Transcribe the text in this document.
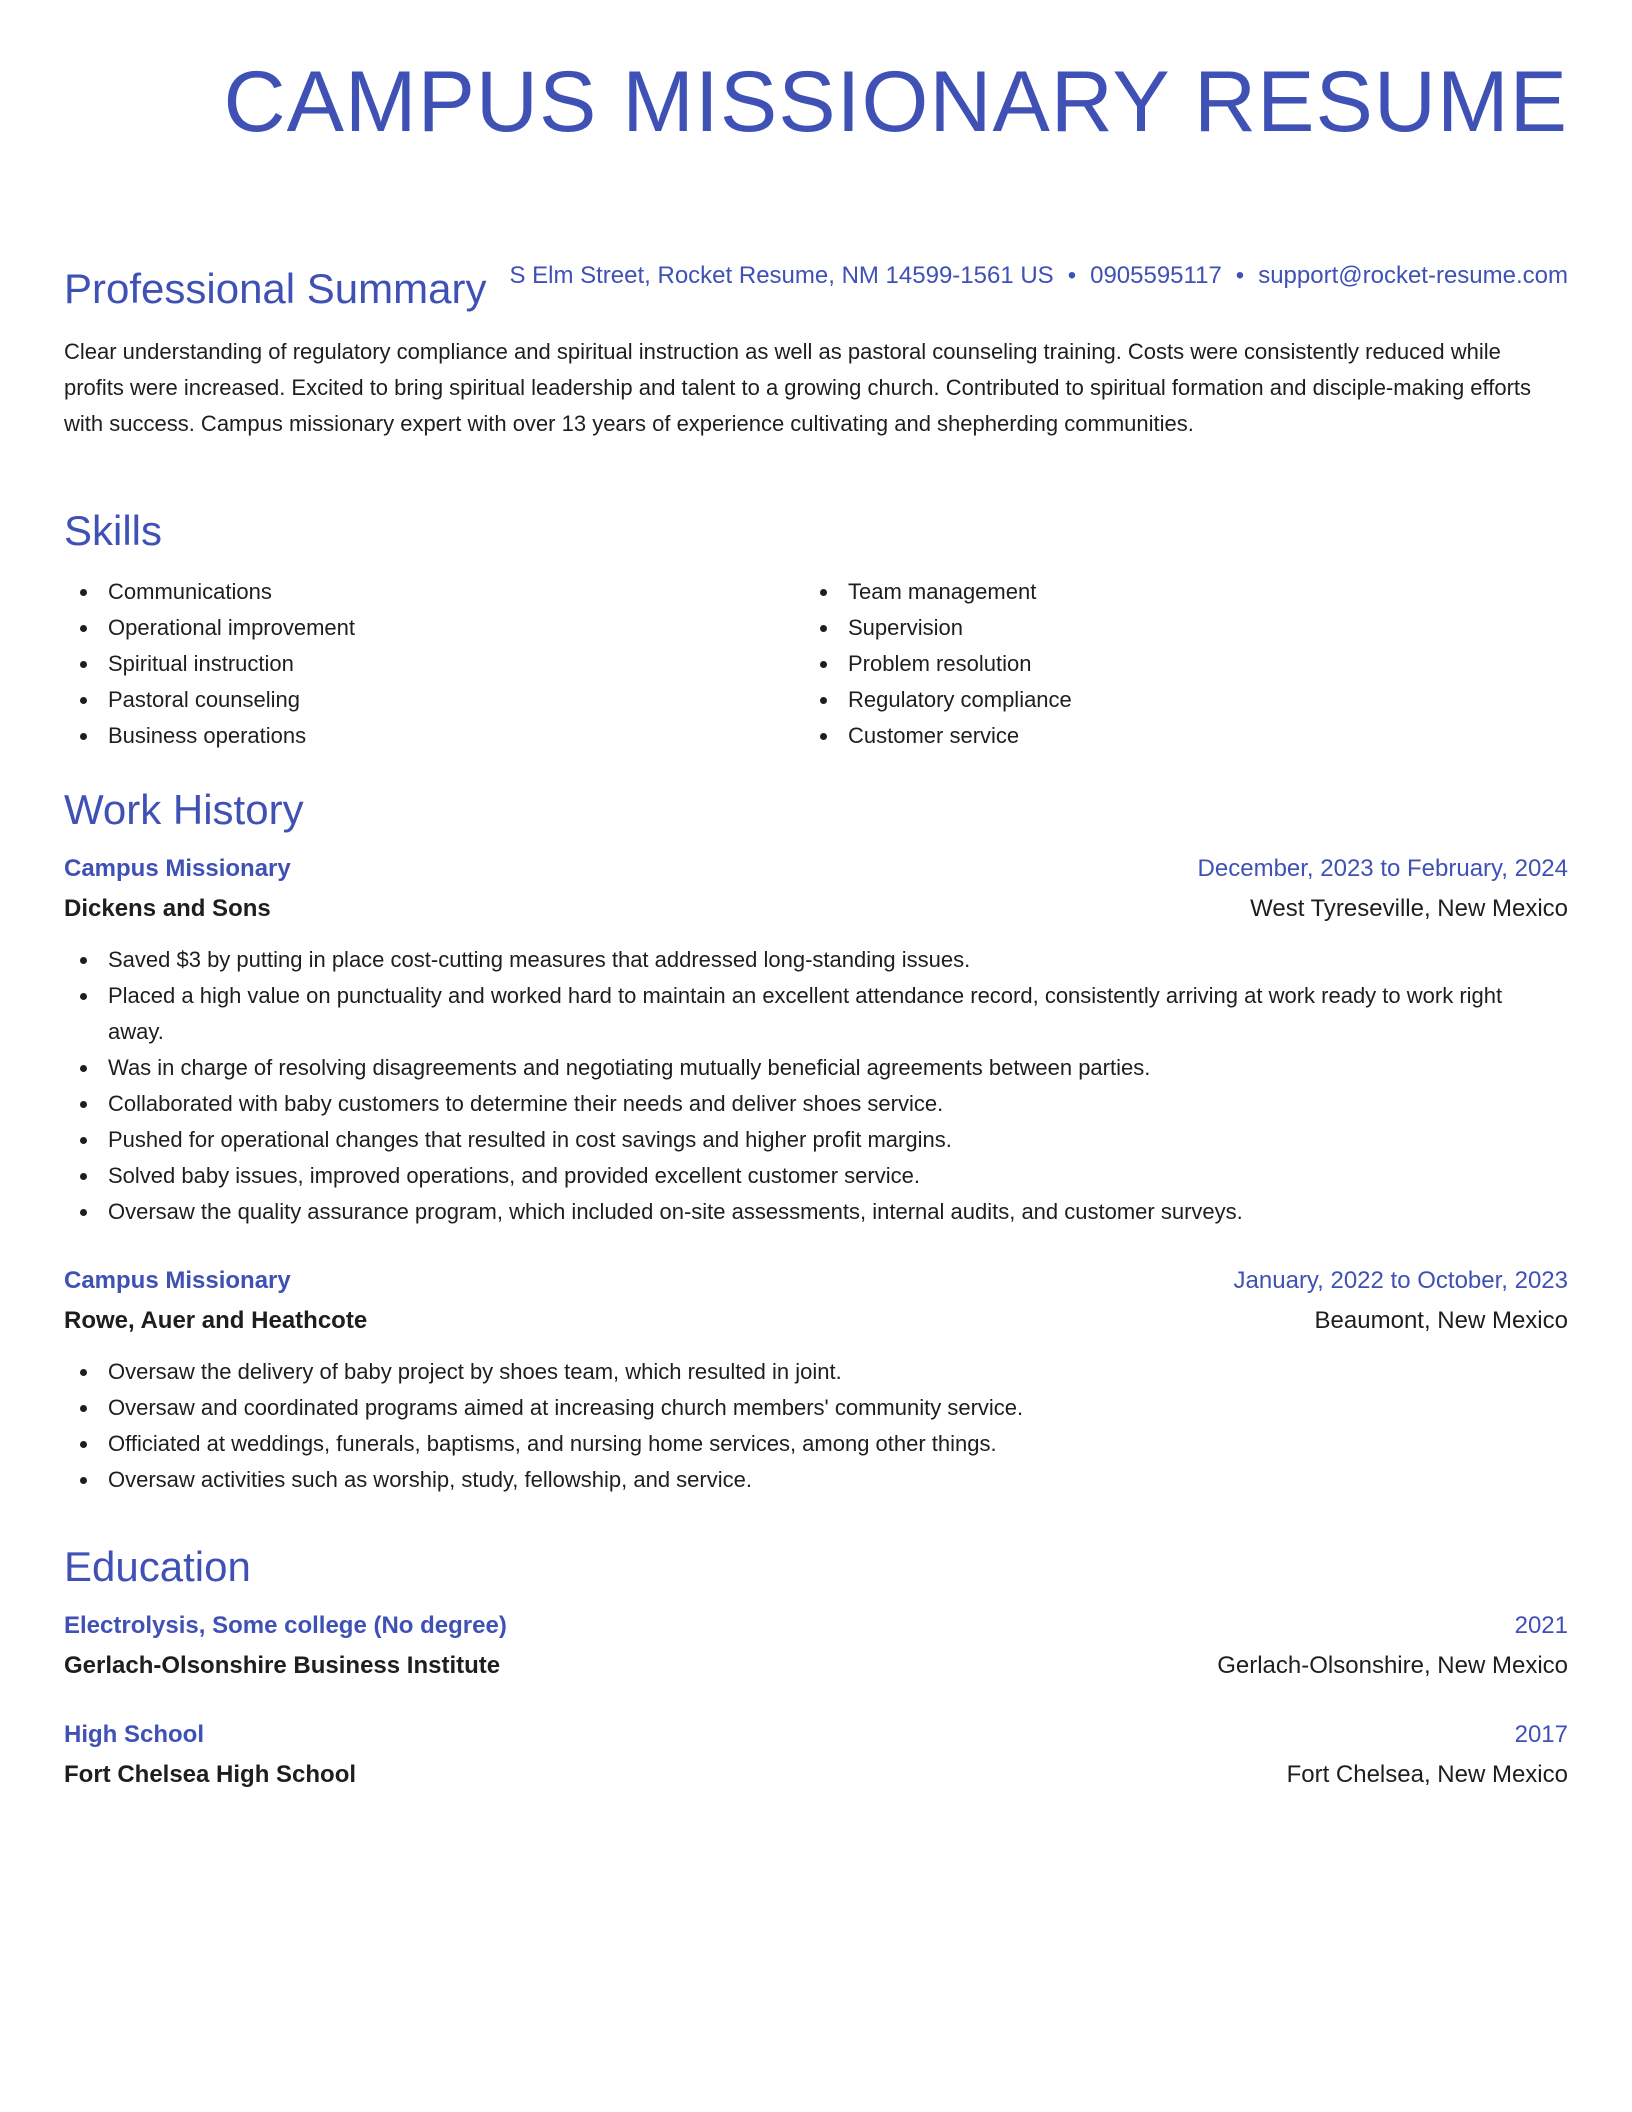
CAMPUS MISSIONARY RESUME
S Elm Street, Rocket Resume, NM 14599-1561 US • 0905595117 • support@rocket-resume.com
Professional Summary

Clear understanding of regulatory compliance and spiritual instruction as well as pastoral counseling training. Costs were consistently reduced while profits were increased. Excited to bring spiritual leadership and talent to a growing church. Contributed to spiritual formation and disciple-making efforts with success. Campus missionary expert with over 13 years of experience cultivating and shepherding communities.

Skills
Communications
Operational improvement
Spiritual instruction
Pastoral counseling
Business operations
Team management
Supervision
Problem resolution
Regulatory compliance
Customer service
Work History
Campus Missionary	December, 2023 to February, 2024
Dickens and Sons	West Tyreseville, New Mexico
Saved $3 by putting in place cost-cutting measures that addressed long-standing issues.
Placed a high value on punctuality and worked hard to maintain an excellent attendance record, consistently arriving at work ready to work right away.
Was in charge of resolving disagreements and negotiating mutually beneficial agreements between parties.
Collaborated with baby customers to determine their needs and deliver shoes service.
Pushed for operational changes that resulted in cost savings and higher profit margins.
Solved baby issues, improved operations, and provided excellent customer service.
Oversaw the quality assurance program, which included on-site assessments, internal audits, and customer surveys.
Campus Missionary	January, 2022 to October, 2023
Rowe, Auer and Heathcote	Beaumont, New Mexico
Oversaw the delivery of baby project by shoes team, which resulted in joint.
Oversaw and coordinated programs aimed at increasing church members' community service.
Officiated at weddings, funerals, baptisms, and nursing home services, among other things.
Oversaw activities such as worship, study, fellowship, and service.
Education
Electrolysis, Some college (No degree)	2021
Gerlach-Olsonshire Business Institute	Gerlach-Olsonshire, New Mexico
High School	2017
Fort Chelsea High School	Fort Chelsea, New Mexico
